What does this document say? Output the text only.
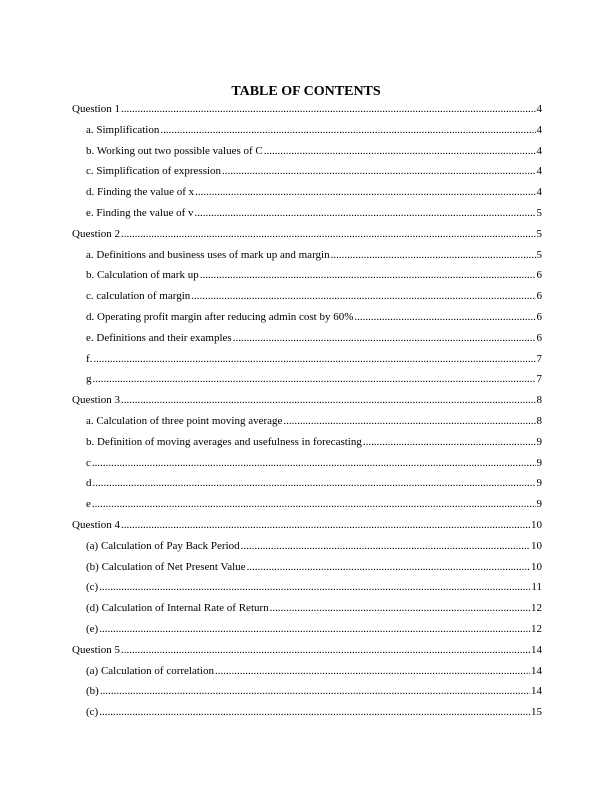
TABLE OF CONTENTS
Question 1 .....	4
a. Simplification .....	4
b. Working out two possible values of C .....	4
c. Simplification of expression .....	4
d. Finding the value of x .....	4
e. Finding the value of v .....	5
Question 2 .....	5
a. Definitions and business uses of mark up and margin .....	5
b. Calculation of mark up .....	6
c. calculation of margin .....	6
d. Operating profit margin after reducing admin cost by 60% .....	6
e. Definitions and their examples .....	6
f. .....	7
g .....	7
Question 3 .....	8
a. Calculation of three point moving average .....	8
b. Definition of moving averages and usefulness in forecasting .....	9
c .....	9
d .....	9
e .....	9
Question 4 .....	10
(a) Calculation of Pay Back Period .....	10
(b) Calculation of Net Present Value .....	10
(c) .....	11
(d) Calculation of Internal Rate of Return .....	12
(e) .....	12
Question 5 .....	14
(a) Calculation of correlation .....	14
(b) .....	14
(c) .....	15
